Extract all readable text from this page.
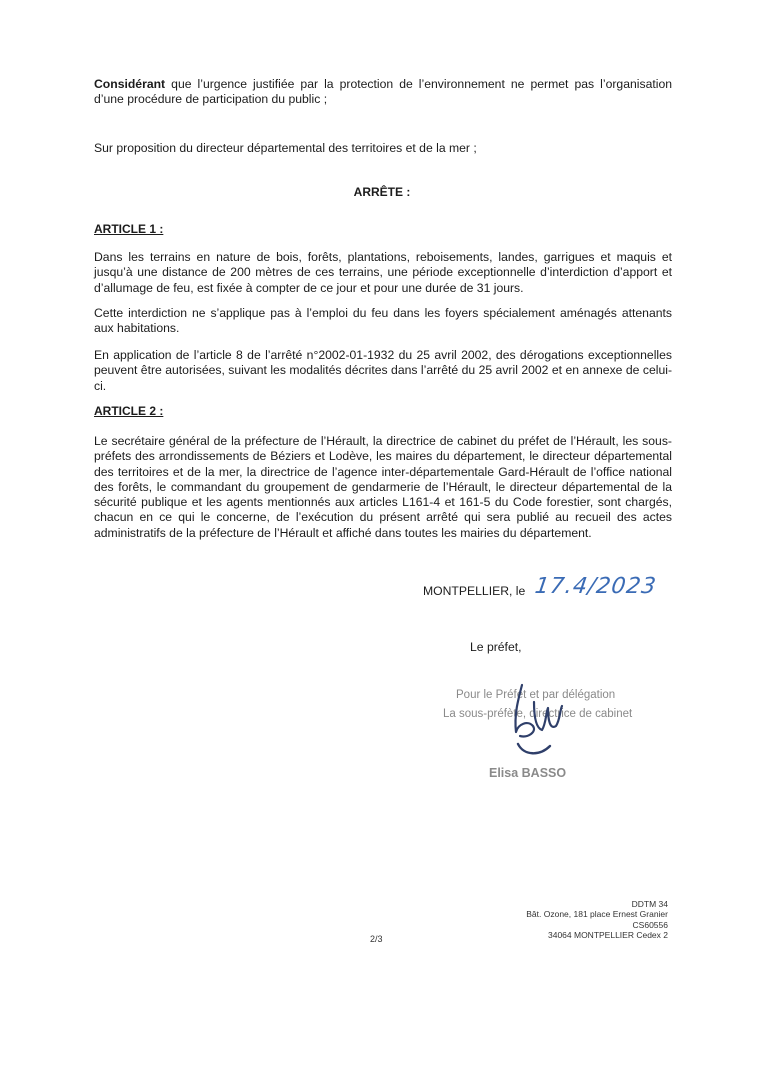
Considérant que l’urgence justifiée par la protection de l’environnement ne permet pas l’organisation d’une procédure de participation du public ;

Sur proposition du directeur départemental des territoires et de la mer ;

ARRÊTE :
ARTICLE 1 :

Dans les terrains en nature de bois, forêts, plantations, reboisements, landes, garrigues et maquis et jusqu’à une distance de 200 mètres de ces terrains, une période exceptionnelle d’interdiction d’apport et d’allumage de feu, est fixée à compter de ce jour et pour une durée de 31 jours.

Cette interdiction ne s’applique pas à l’emploi du feu dans les foyers spécialement aménagés attenants aux habitations.

En application de l’article 8 de l’arrêté n°2002-01-1932 du 25 avril 2002, des dérogations exceptionnelles peuvent être autorisées, suivant les modalités décrites dans l’arrêté du 25 avril 2002 et en annexe de celui-ci.

ARTICLE 2 :

Le secrétaire général de la préfecture de l’Hérault, la directrice de cabinet du préfet de l’Hérault, les sous-préfets des arrondissements de Béziers et Lodève, les maires du département, le directeur départemental des territoires et de la mer, la directrice de l’agence inter-départementale Gard-Hérault de l’office national des forêts, le commandant du groupement de gendarmerie de l’Hérault, le directeur départemental de la sécurité publique et les agents mentionnés aux articles L161-4 et 161-5 du Code forestier, sont chargés, chacun en ce qui le concerne, de l’exécution du présent arrêté qui sera publié au recueil des actes administratifs de la préfecture de l’Hérault et affiché dans toutes les mairies du département.

MONTPELLIER, le 17.4/2023
Le préfet,
Pour le Préfet et par délégation
La sous-préfète, directrice de cabinet
Elisa BASSO
DDTM 34
Bât. Ozone, 181 place Ernest Granier
CS60556
34064 MONTPELLIER Cedex 2
2/3
